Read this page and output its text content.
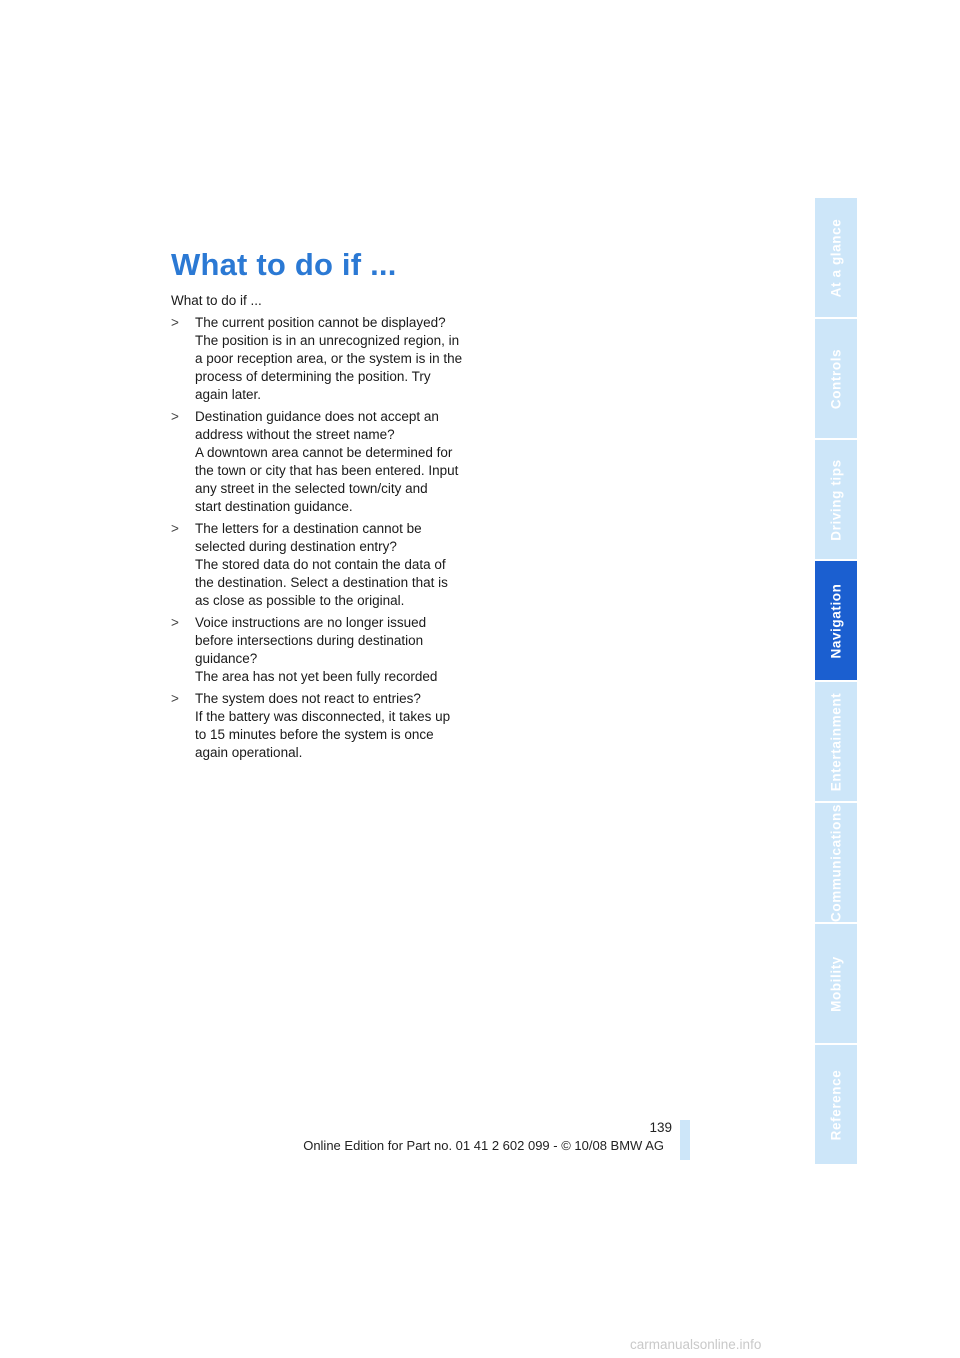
What to do if ...

What to do if ...

> The current position cannot be displayed?
The position is in an unrecognized region, in
a poor reception area, or the system is in the
process of determining the position. Try
again later.
> Destination guidance does not accept an
address without the street name?
A downtown area cannot be determined for
the town or city that has been entered. Input
any street in the selected town/city and
start destination guidance.
> The letters for a destination cannot be
selected during destination entry?
The stored data do not contain the data of
the destination. Select a destination that is
as close as possible to the original.
> Voice instructions are no longer issued
before intersections during destination
guidance?
The area has not yet been fully recorded
> The system does not react to entries?
If the battery was disconnected, it takes up
to 15 minutes before the system is once
again operational.
At a glance
Controls
Driving tips
Navigation
Entertainment
Communications
Mobility
Reference
139
Online Edition for Part no. 01 41 2 602 099 - © 10/08 BMW AG
carmanualsonline.info
